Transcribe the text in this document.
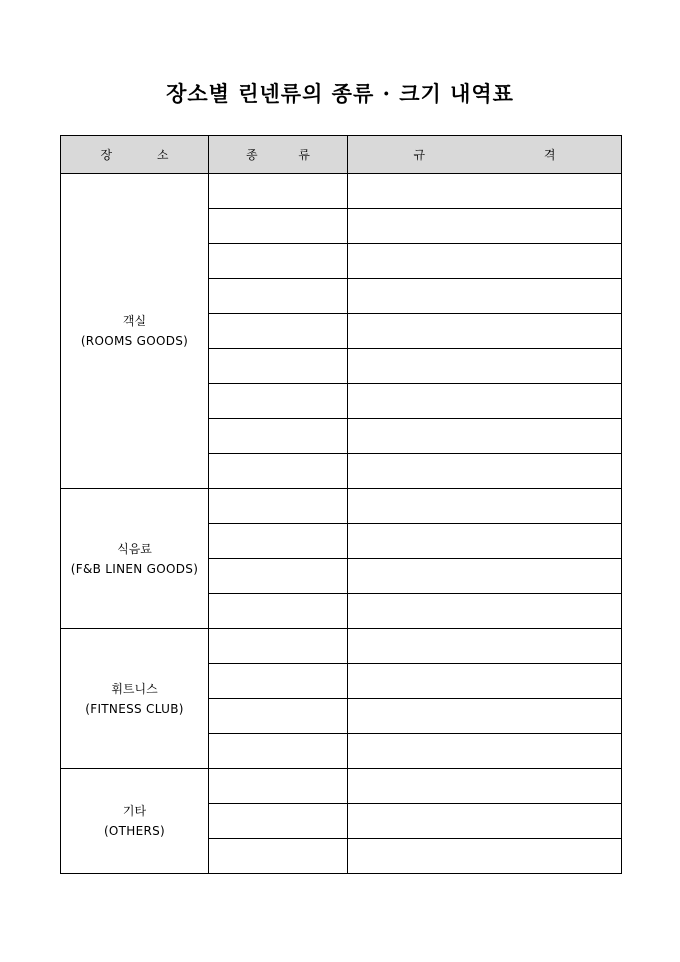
장소별 린넨류의 종류 · 크기 내역표
장 소	종 류	규 격

객실
(ROOMS GOODS)		

식음료
(F&B LINEN GOODS)		

휘트니스
(FITNESS CLUB)		

기타
(OTHERS)		
